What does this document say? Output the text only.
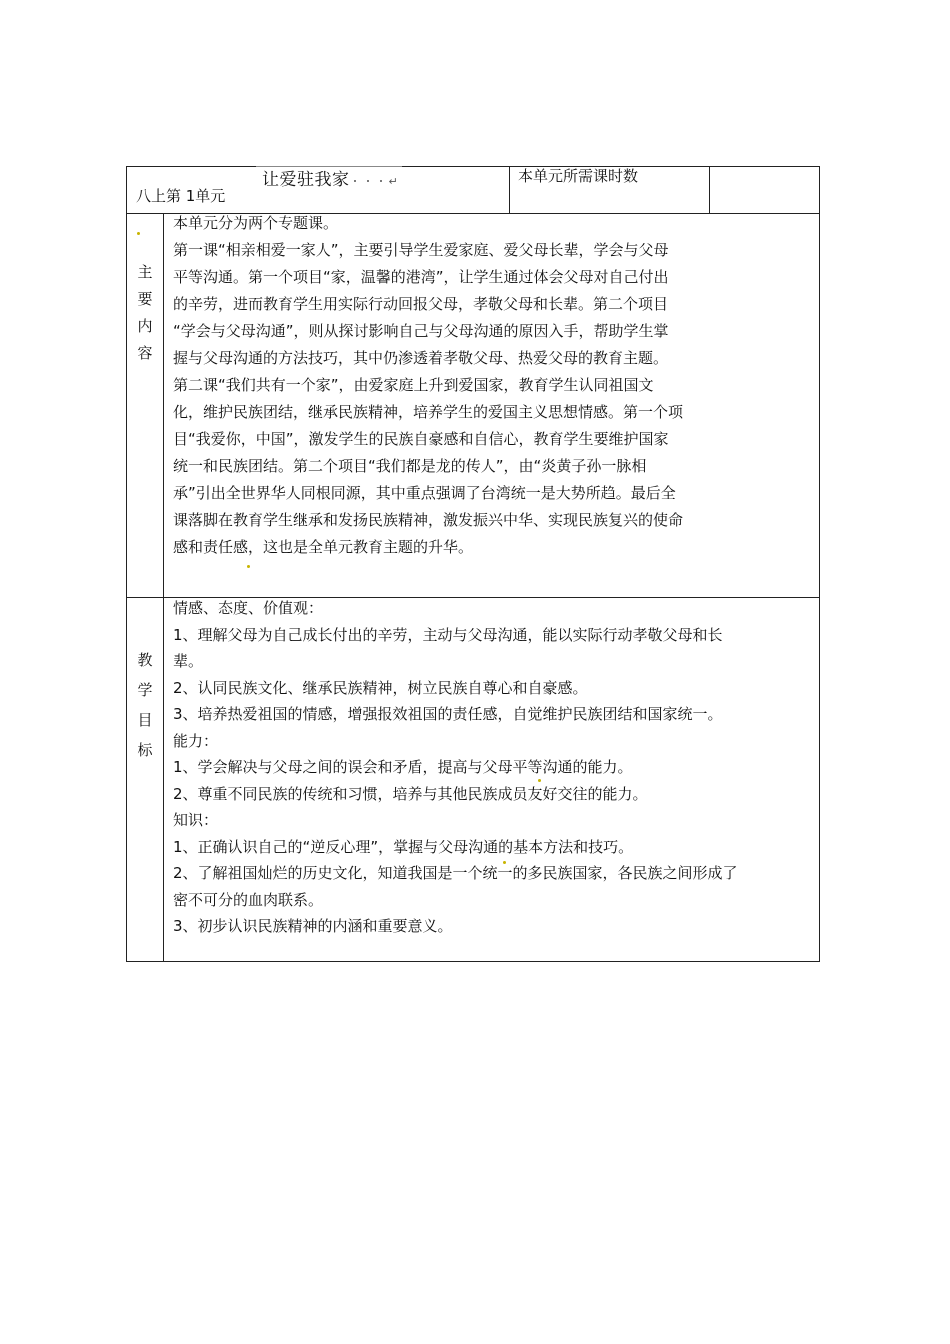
八上第 1单元
让爱驻我家・・・↵	本单元所需课时数
主
要
内
容
本单元分为两个专题课。
第一课“相亲相爱一家人”，主要引导学生爱家庭、爱父母长辈，学会与父母
平等沟通。第一个项目“家，温馨的港湾”，让学生通过体会父母对自己付出
的辛劳，进而教育学生用实际行动回报父母，孝敬父母和长辈。第二个项目
“学会与父母沟通”，则从探讨影响自己与父母沟通的原因入手，帮助学生掌
握与父母沟通的方法技巧，其中仍渗透着孝敬父母、热爱父母的教育主题。
第二课“我们共有一个家”，由爱家庭上升到爱国家，教育学生认同祖国文
化，维护民族团结，继承民族精神，培养学生的爱国主义思想情感。第一个项
目“我爱你，中国”，激发学生的民族自豪感和自信心，教育学生要维护国家
统一和民族团结。第二个项目“我们都是龙的传人”，由“炎黄子孙一脉相
承”引出全世界华人同根同源，其中重点强调了台湾统一是大势所趋。最后全
课落脚在教育学生继承和发扬民族精神，激发振兴中华、实现民族复兴的使命
感和责任感，这也是全单元教育主题的升华。
教
学
目
标
情感、态度、价值观：
1、理解父母为自己成长付出的辛劳，主动与父母沟通，能以实际行动孝敬父母和长
辈。
2、认同民族文化、继承民族精神，树立民族自尊心和自豪感。
3、培养热爱祖国的情感，增强报效祖国的责任感，自觉维护民族团结和国家统一。
能力：
1、学会解决与父母之间的误会和矛盾，提高与父母平等沟通的能力。
2、尊重不同民族的传统和习惯，培养与其他民族成员友好交往的能力。
知识：
1、正确认识自己的“逆反心理”，掌握与父母沟通的基本方法和技巧。
2、了解祖国灿烂的历史文化，知道我国是一个统一的多民族国家，各民族之间形成了
密不可分的血肉联系。
3、初步认识民族精神的内涵和重要意义。
